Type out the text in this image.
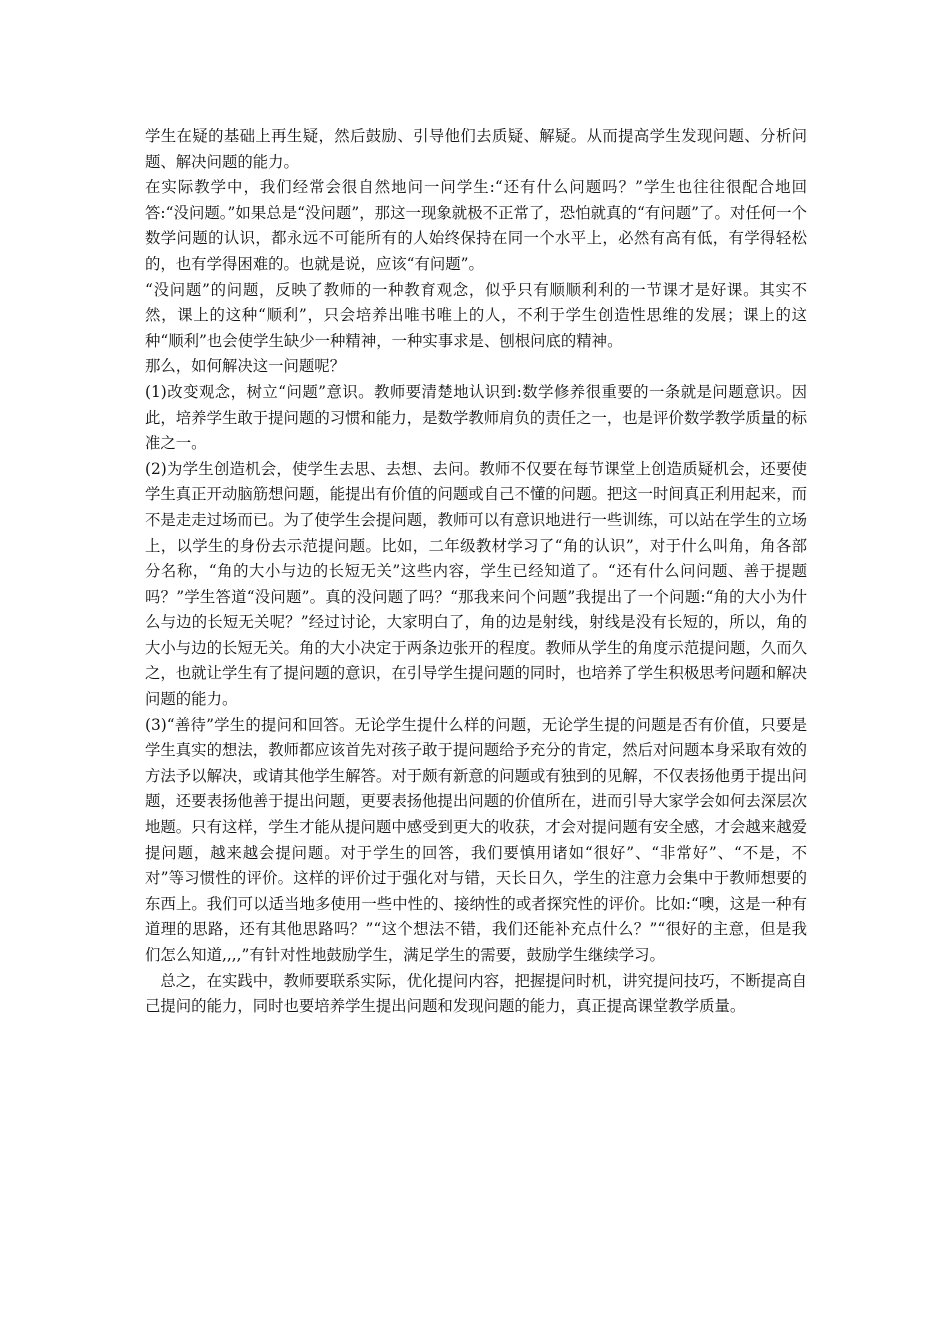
学生在疑的基础上再生疑，然后鼓励、引导他们去质疑、解疑。从而提高学生发现问题、分析问题、解决问题的能力。

在实际教学中，我们经常会很自然地问一问学生:“还有什么问题吗？”学生也往往很配合地回答:“没问题。”如果总是“没问题”，那这一现象就极不正常了，恐怕就真的“有问题”了。对任何一个数学问题的认识，都永远不可能所有的人始终保持在同一个水平上，必然有高有低，有学得轻松的，也有学得困难的。也就是说，应该“有问题”。

“没问题”的问题，反映了教师的一种教育观念，似乎只有顺顺利利的一节课才是好课。其实不然，课上的这种“顺利”，只会培养出唯书唯上的人，不利于学生创造性思维的发展；课上的这种“顺利”也会使学生缺少一种精神，一种实事求是、刨根问底的精神。

那么，如何解决这一问题呢？

(1)改变观念，树立“问题”意识。教师要清楚地认识到:数学修养很重要的一条就是问题意识。因此，培养学生敢于提问题的习惯和能力，是数学教师肩负的责任之一，也是评价数学教学质量的标准之一。

(2)为学生创造机会，使学生去思、去想、去问。教师不仅要在每节课堂上创造质疑机会，还要使学生真正开动脑筋想问题，能提出有价值的问题或自己不懂的问题。把这一时间真正利用起来，而不是走走过场而已。为了使学生会提问题，教师可以有意识地进行一些训练，可以站在学生的立场上，以学生的身份去示范提问题。比如，二年级教材学习了“角的认识”，对于什么叫角，角各部分名称，“角的大小与边的长短无关”这些内容，学生已经知道了。“还有什么问问题、善于提题吗？”学生答道“没问题”。真的没问题了吗？“那我来问个问题”我提出了一个问题:“角的大小为什么与边的长短无关呢？”经过讨论，大家明白了，角的边是射线，射线是没有长短的，所以，角的大小与边的长短无关。角的大小决定于两条边张开的程度。教师从学生的角度示范提问题，久而久之，也就让学生有了提问题的意识，在引导学生提问题的同时，也培养了学生积极思考问题和解决问题的能力。

(3)“善待”学生的提问和回答。无论学生提什么样的问题，无论学生提的问题是否有价值，只要是学生真实的想法，教师都应该首先对孩子敢于提问题给予充分的肯定，然后对问题本身采取有效的方法予以解决，或请其他学生解答。对于颇有新意的问题或有独到的见解，不仅表扬他勇于提出问题，还要表扬他善于提出问题，更要表扬他提出问题的价值所在，进而引导大家学会如何去深层次地题。只有这样，学生才能从提问题中感受到更大的收获，才会对提问题有安全感，才会越来越爱提问题，越来越会提问题。对于学生的回答，我们要慎用诸如“很好”、“非常好”、“不是，不对”等习惯性的评价。这样的评价过于强化对与错，天长日久，学生的注意力会集中于教师想要的东西上。我们可以适当地多使用一些中性的、接纳性的或者探究性的评价。比如:“噢，这是一种有道理的思路，还有其他思路吗？”“这个想法不错，我们还能补充点什么？”“很好的主意，但是我们怎么知道,,,,”有针对性地鼓励学生，满足学生的需要，鼓励学生继续学习。

总之，在实践中，教师要联系实际，优化提问内容，把握提问时机，讲究提问技巧，不断提高自己提问的能力，同时也要培养学生提出问题和发现问题的能力，真正提高课堂教学质量。
